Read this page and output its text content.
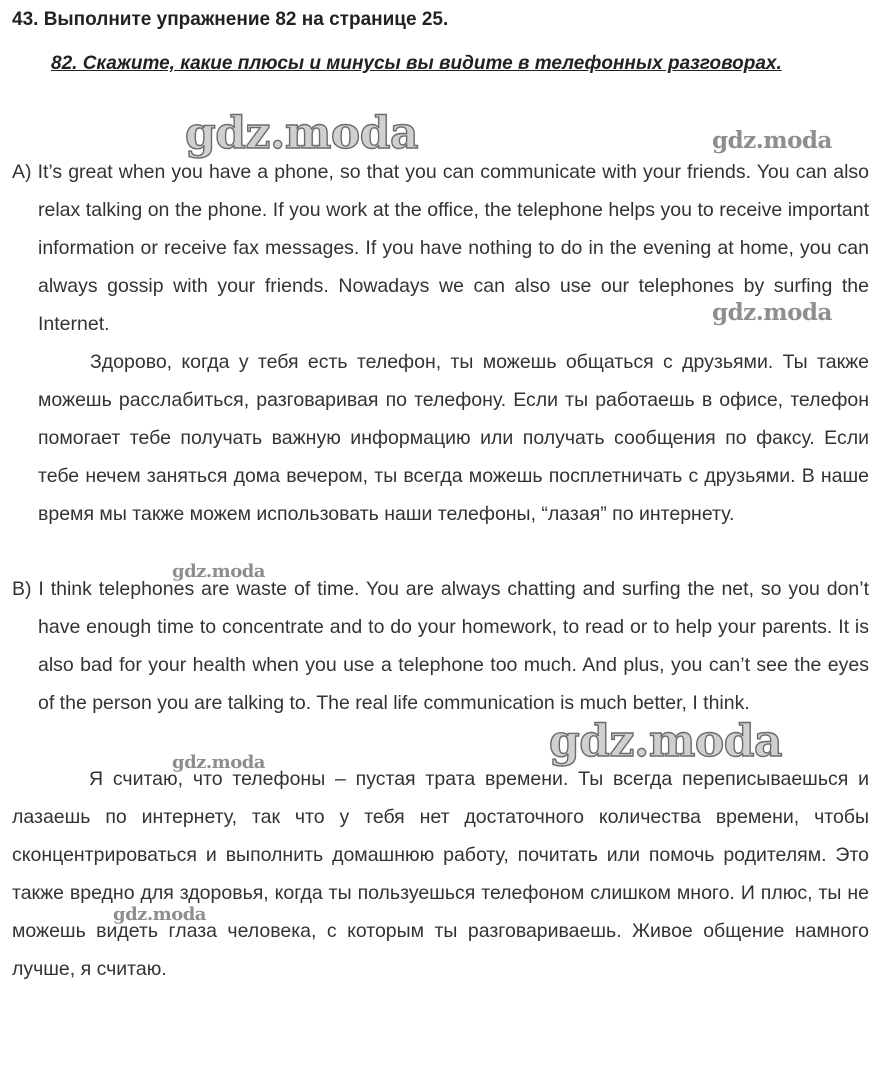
43. Выполните упражнение 82 на странице 25.
82. Скажите, какие плюсы и минусы вы видите в телефонных разговорах.
A) It’s great when you have a phone, so that you can communicate with your friends. You can also relax talking on the phone. If you work at the office, the telephone helps you to receive important information or receive fax messages. If you have nothing to do in the evening at home, you can always gossip with your friends. Nowadays we can also use our telephones by surfing the Internet.
Здорово, когда у тебя есть телефон, ты можешь общаться с друзьями. Ты также можешь расслабиться, разговаривая по телефону. Если ты работаешь в офисе, телефон помогает тебе получать важную информацию или получать сообщения по факсу. Если тебе нечем заняться дома вечером, ты всегда можешь посплетничать с друзьями. В наше время мы также можем использовать наши телефоны, “лазая” по интернету.
B) I think telephones are waste of time. You are always chatting and surfing the net, so you don’t have enough time to concentrate and to do your homework, to read or to help your parents. It is also bad for your health when you use a telephone too much. And plus, you can’t see the eyes of the person you are talking to. The real life communication is much better, I think.
Я считаю, что телефоны – пустая трата времени. Ты всегда переписываешься и лазаешь по интернету, так что у тебя нет достаточного количества времени, чтобы сконцентрироваться и выполнить домашнюю работу, почитать или помочь родителям. Это также вредно для здоровья, когда ты пользуешься телефоном слишком много. И плюс, ты не можешь видеть глаза человека, с которым ты разговариваешь. Живое общение намного лучше, я считаю.
gdz.moda	gdz.moda
gdz.moda
gdz.moda
gdz.moda
gdz.moda
gdz.moda
